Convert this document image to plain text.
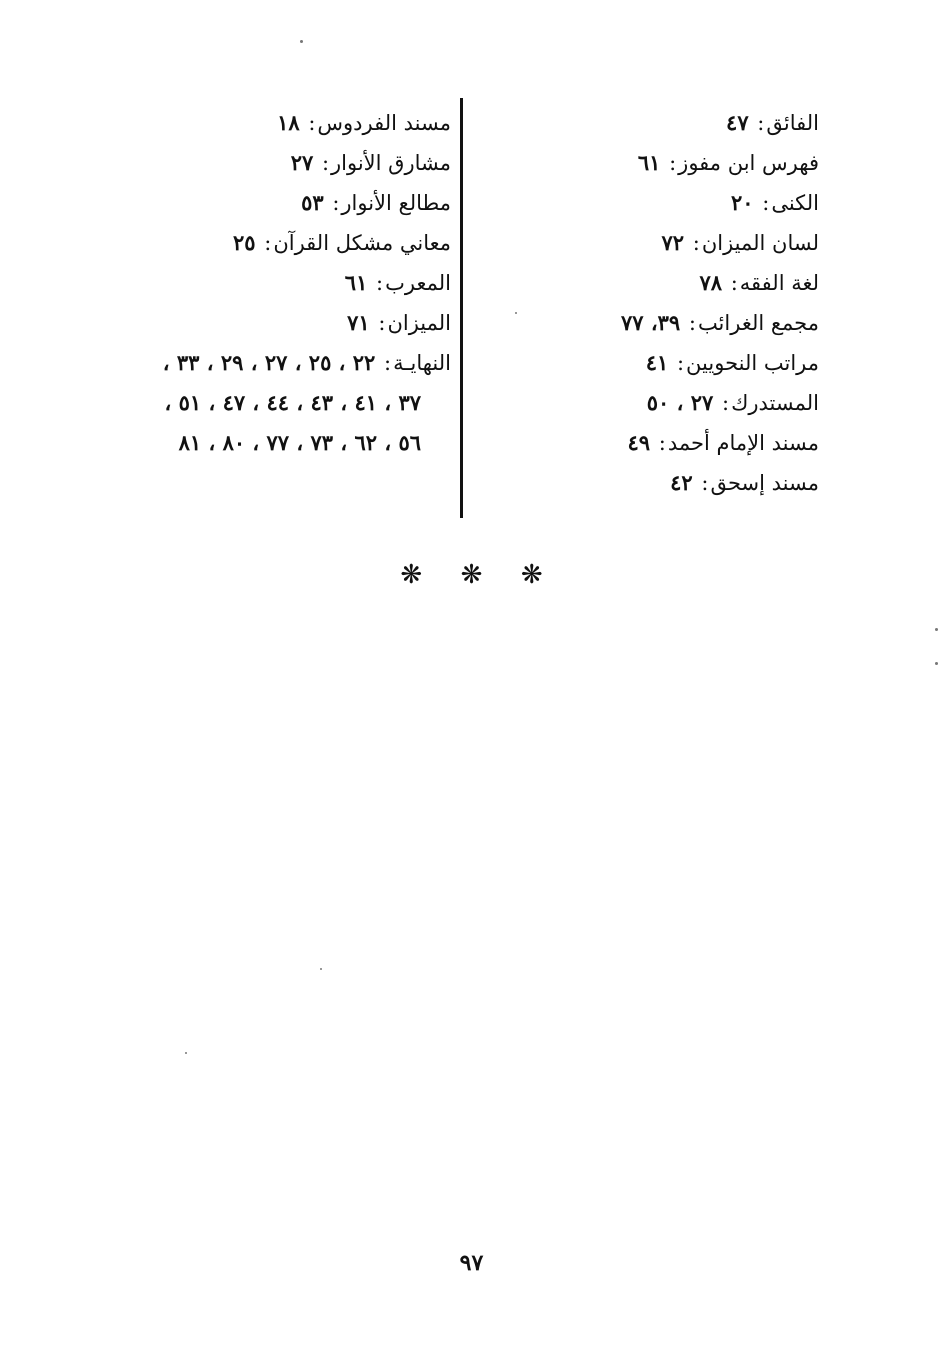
الفائق: ٤٧
فهرس ابن مفوز: ٦١
الكنى: ٢٠
لسان الميزان: ٧٢
لغة الفقه: ٧٨
مجمع الغرائب: ٣٩، ٧٧
مراتب النحويين: ٤١
المستدرك: ٢٧ ، ٥٠
مسند الإمام أحمد: ٤٩
مسند إسحق: ٤٢
مسند الفردوس: ١٨
مشارق الأنوار: ٢٧
مطالع الأنوار: ٥٣
معاني مشكل القرآن: ٢٥
المعرب: ٦١
الميزان: ٧١
النهايـة: ٢٢ ، ٢٥ ، ٢٧ ، ٢٩ ، ٣٣ ،
٣٧ ، ٤١ ، ٤٣ ، ٤٤ ، ٤٧ ، ٥١ ،
٥٦ ، ٦٢ ، ٧٣ ، ٧٧ ، ٨٠ ، ٨١
❋ ❋ ❋
٩٧
